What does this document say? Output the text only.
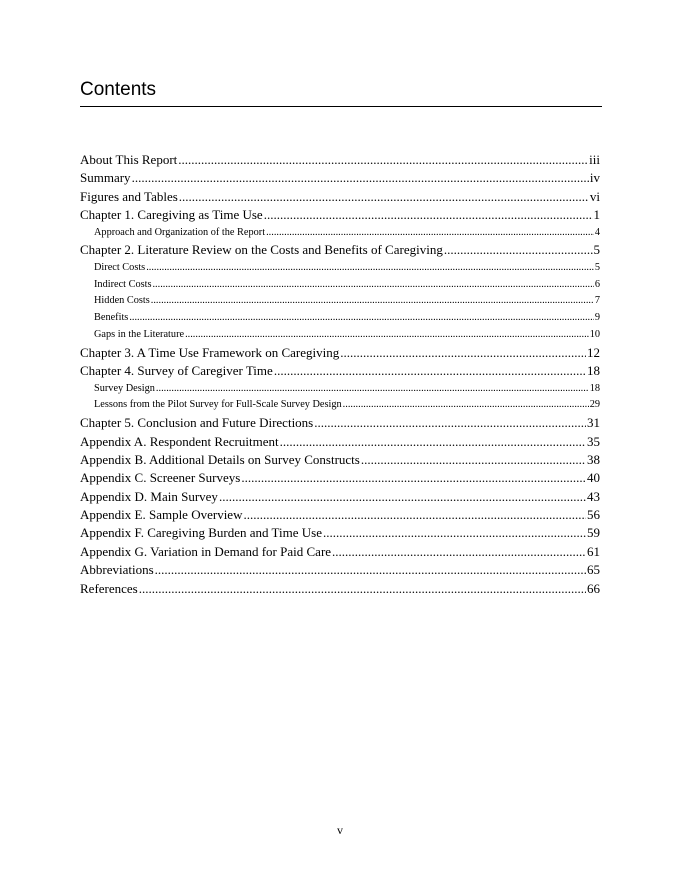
Contents
About This Report .....	iii
Summary .....	iv
Figures and Tables .....	vi
Chapter 1. Caregiving as Time Use .....	1
Approach and Organization of the Report .....	4
Chapter 2. Literature Review on the Costs and Benefits of Caregiving .....	5
Direct Costs .....	5
Indirect Costs .....	6
Hidden Costs .....	7
Benefits .....	9
Gaps in the Literature .....	10
Chapter 3. A Time Use Framework on Caregiving .....	12
Chapter 4. Survey of Caregiver Time .....	18
Survey Design .....	18
Lessons from the Pilot Survey for Full-Scale Survey Design .....	29
Chapter 5. Conclusion and Future Directions .....	31
Appendix A. Respondent Recruitment .....	35
Appendix B. Additional Details on Survey Constructs .....	38
Appendix C. Screener Surveys .....	40
Appendix D. Main Survey .....	43
Appendix E. Sample Overview .....	56
Appendix F. Caregiving Burden and Time Use .....	59
Appendix G. Variation in Demand for Paid Care .....	61
Abbreviations .....	65
References .....	66
v
